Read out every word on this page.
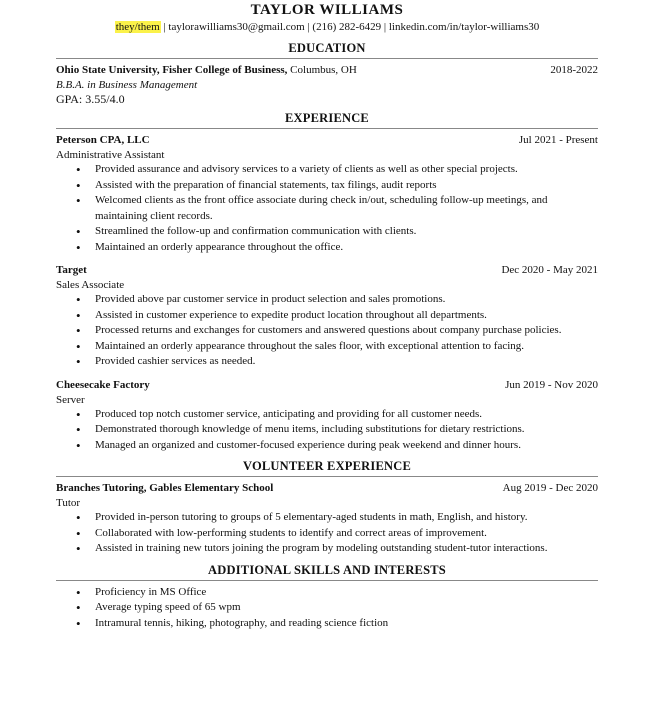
TAYLOR WILLIAMS
they/them | taylorawilliams30@gmail.com | (216) 282-6429 | linkedin.com/in/taylor-williams30
EDUCATION
Ohio State University, Fisher College of Business, Columbus, OH	2018-2022
B.B.A. in Business Management
GPA: 3.55/4.0
EXPERIENCE
Peterson CPA, LLC	Jul 2021 - Present
Administrative Assistant
• Provided assurance and advisory services to a variety of clients as well as other special projects.
• Assisted with the preparation of financial statements, tax filings, audit reports
• Welcomed clients as the front office associate during check in/out, scheduling follow-up meetings, and maintaining client records.
• Streamlined the follow-up and confirmation communication with clients.
• Maintained an orderly appearance throughout the office.
Target	Dec 2020 - May 2021
Sales Associate
• Provided above par customer service in product selection and sales promotions.
• Assisted in customer experience to expedite product location throughout all departments.
• Processed returns and exchanges for customers and answered questions about company purchase policies.
• Maintained an orderly appearance throughout the sales floor, with exceptional attention to facing.
• Provided cashier services as needed.
Cheesecake Factory	Jun 2019 - Nov 2020
Server
• Produced top notch customer service, anticipating and providing for all customer needs.
• Demonstrated thorough knowledge of menu items, including substitutions for dietary restrictions.
• Managed an organized and customer-focused experience during peak weekend and dinner hours.
VOLUNTEER EXPERIENCE
Branches Tutoring, Gables Elementary School	Aug 2019 - Dec 2020
Tutor
• Provided in-person tutoring to groups of 5 elementary-aged students in math, English, and history.
• Collaborated with low-performing students to identify and correct areas of improvement.
• Assisted in training new tutors joining the program by modeling outstanding student-tutor interactions.
ADDITIONAL SKILLS AND INTERESTS
• Proficiency in MS Office
• Average typing speed of 65 wpm
• Intramural tennis, hiking, photography, and reading science fiction
